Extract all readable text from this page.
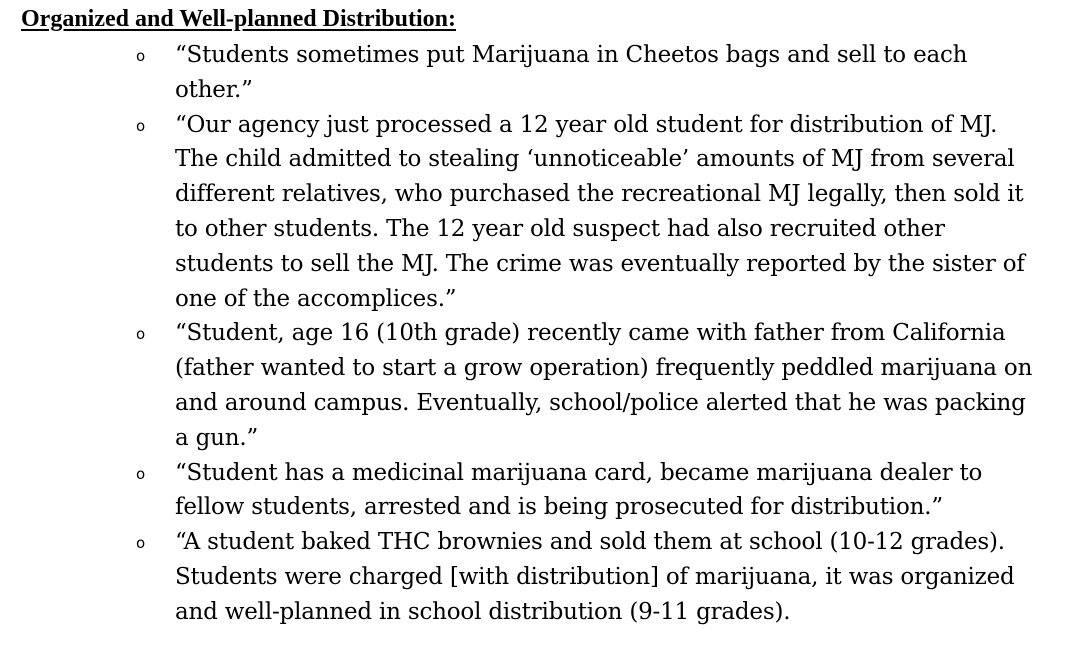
Organized and Well-planned Distribution:
o “Students sometimes put Marijuana in Cheetos bags and sell to each other.”
o “Our agency just processed a 12 year old student for distribution of MJ. The child admitted to stealing ‘unnoticeable’ amounts of MJ from several different relatives, who purchased the recreational MJ legally, then sold it to other students. The 12 year old suspect had also recruited other students to sell the MJ. The crime was eventually reported by the sister of one of the accomplices.”
o “Student, age 16 (10th grade) recently came with father from California (father wanted to start a grow operation) frequently peddled marijuana on and around campus. Eventually, school/police alerted that he was packing a gun.”
o “Student has a medicinal marijuana card, became marijuana dealer to fellow students, arrested and is being prosecuted for distribution.”
o “A student baked THC brownies and sold them at school (10-12 grades). Students were charged [with distribution] of marijuana, it was organized and well-planned in school distribution (9-11 grades).
